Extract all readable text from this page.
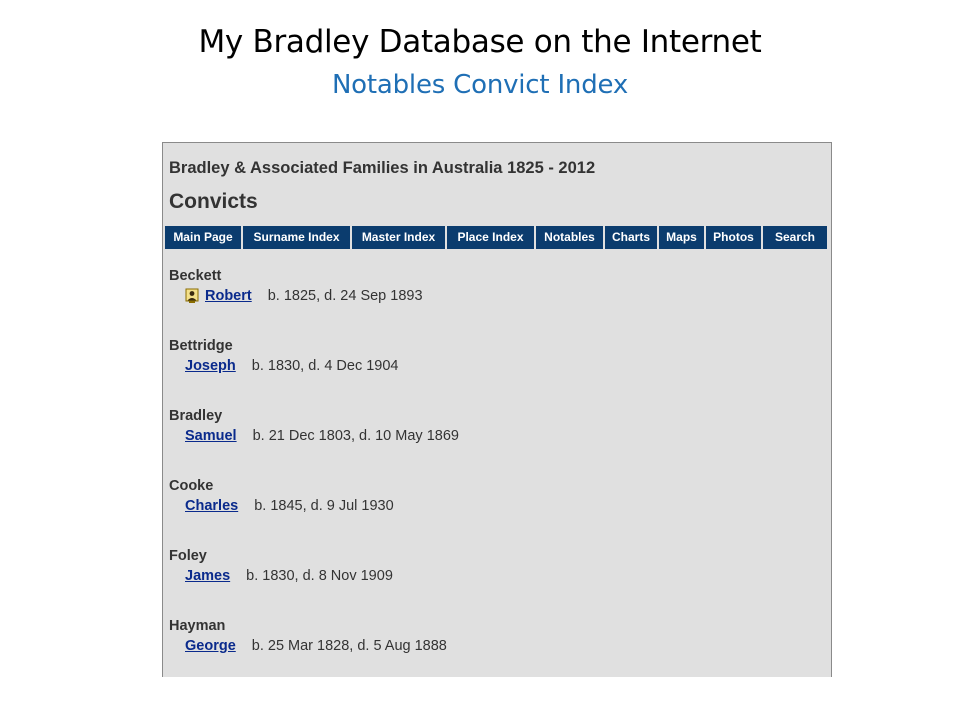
My Bradley Database on the Internet
Notables Convict Index
Bradley & Associated Families in Australia 1825 - 2012
Convicts
Main Page	Surname Index	Master Index	Place Index	Notables	Charts	Maps	Photos	Search
Beckett
Robert b. 1825, d. 24 Sep 1893
Bettridge
Joseph b. 1830, d. 4 Dec 1904
Bradley
Samuel b. 21 Dec 1803, d. 10 May 1869
Cooke
Charles b. 1845, d. 9 Jul 1930
Foley
James b. 1830, d. 8 Nov 1909
Hayman
George b. 25 Mar 1828, d. 5 Aug 1888
